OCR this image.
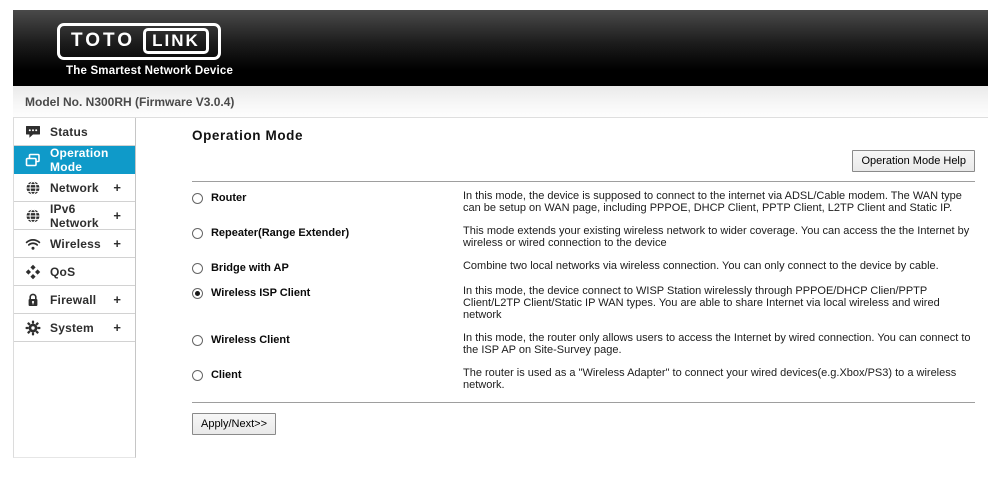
TOTO	LINK
The Smartest Network Device
Model No. N300RH (Firmware V3.0.4)
Status
Operation Mode
Network +
IPv6 Network	+
Wireless +
QoS
Firewall +
System +
Operation Mode
Operation Mode Help
Router	In this mode, the device is supposed to connect to the internet via ADSL/Cable modem. The WAN type can be setup on WAN page, including PPPOE, DHCP Client, PPTP Client, L2TP Client and Static IP.
Repeater(Range Extender)	This mode extends your existing wireless network to wider coverage. You can access the the Internet by wireless or wired connection to the device
Bridge with AP	Combine two local networks via wireless connection. You can only connect to the device by cable.
Wireless ISP Client	In this mode, the device connect to WISP Station wirelessly through PPPOE/DHCP Clien/PPTP Client/L2TP Client/Static IP WAN types. You are able to share Internet via local wireless and wired network
Wireless Client	In this mode, the router only allows users to access the Internet by wired connection. You can connect to the ISP AP on Site-Survey page.
Client	The router is used as a "Wireless Adapter" to connect your wired devices(e.g.Xbox/PS3) to a wireless network.
Apply/Next>>
